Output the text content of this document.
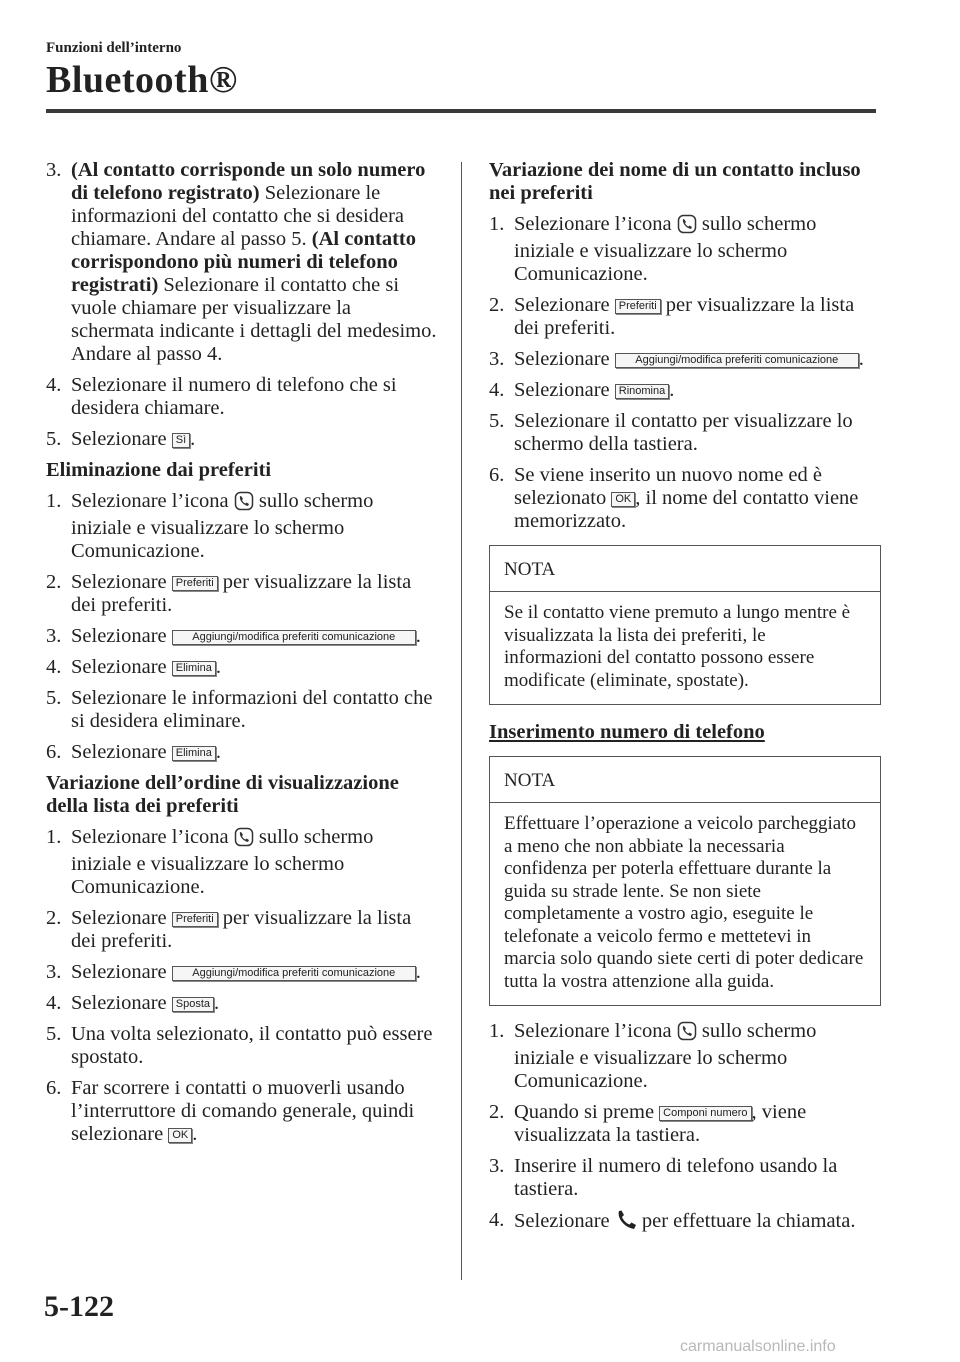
Funzioni dell’interno
Bluetooth®
3. (Al contatto corrisponde un solo numero di telefono registrato) Selezionare le informazioni del contatto che si desidera chiamare. Andare al passo 5. (Al contatto corrispondono più numeri di telefono registrati) Selezionare il contatto che si vuole chiamare per visualizzare la schermata indicante i dettagli del medesimo. Andare al passo 4.
4. Selezionare il numero di telefono che si desidera chiamare.
5. Selezionare Sì .
Eliminazione dai preferiti
1. Selezionare l’icona sullo schermo iniziale e visualizzare lo schermo Comunicazione.
2. Selezionare Preferiti per visualizzare la lista dei preferiti.
3. Selezionare Aggiungi/modifica preferiti comunicazione .
4. Selezionare Elimina .
5. Selezionare le informazioni del contatto che si desidera eliminare.
6. Selezionare Elimina .
Variazione dell’ordine di visualizzazione della lista dei preferiti
1. Selezionare l’icona sullo schermo iniziale e visualizzare lo schermo Comunicazione.
2. Selezionare Preferiti per visualizzare la lista dei preferiti.
3. Selezionare Aggiungi/modifica preferiti comunicazione .
4. Selezionare Sposta .
5. Una volta selezionato, il contatto può essere spostato.
6. Far scorrere i contatti o muoverli usando l’interruttore di comando generale, quindi selezionare OK .
Variazione dei nome di un contatto incluso nei preferiti
1. Selezionare l’icona sullo schermo iniziale e visualizzare lo schermo Comunicazione.
2. Selezionare Preferiti per visualizzare la lista dei preferiti.
3. Selezionare Aggiungi/modifica preferiti comunicazione .
4. Selezionare Rinomina .
5. Selezionare il contatto per visualizzare lo schermo della tastiera.
6. Se viene inserito un nuovo nome ed è selezionato OK , il nome del contatto viene memorizzato.
NOTA
Se il contatto viene premuto a lungo mentre è visualizzata la lista dei preferiti, le informazioni del contatto possono essere modificate (eliminate, spostate).
Inserimento numero di telefono
NOTA
Effettuare l’operazione a veicolo parcheggiato a meno che non abbiate la necessaria confidenza per poterla effettuare durante la guida su strade lente. Se non siete completamente a vostro agio, eseguite le telefonate a veicolo fermo e mettetevi in marcia solo quando siete certi di poter dedicare tutta la vostra attenzione alla guida.
1. Selezionare l’icona sullo schermo iniziale e visualizzare lo schermo Comunicazione.
2. Quando si preme Componi numero , viene visualizzata la tastiera.
3. Inserire il numero di telefono usando la tastiera.
4. Selezionare per effettuare la chiamata.
5-122
carmanualsonline.info
